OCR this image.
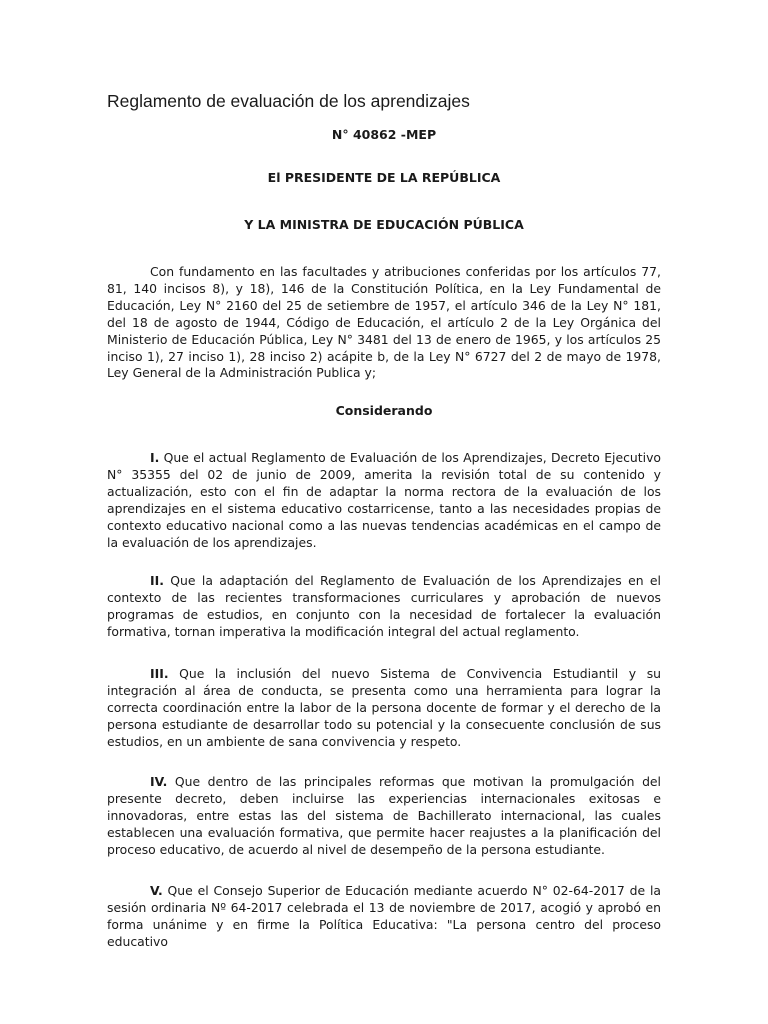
Reglamento de evaluación de los aprendizajes
N° 40862 -MEP
El PRESIDENTE DE LA REPÚBLICA
Y LA MINISTRA DE EDUCACIÓN PÚBLICA
Con fundamento en las facultades y atribuciones conferidas por los artículos 77, 81, 140 incisos 8), y 18), 146 de la Constitución Política, en la Ley Fundamental de Educación, Ley N° 2160 del 25 de setiembre de 1957, el artículo 346 de la Ley N° 181, del 18 de agosto de 1944, Código de Educación, el artículo 2 de la Ley Orgánica del Ministerio de Educación Pública, Ley N° 3481 del 13 de enero de 1965, y los artículos 25 inciso 1), 27 inciso 1), 28 inciso 2) acápite b, de la Ley N° 6727 del 2 de mayo de 1978, Ley General de la Administración Publica y;
Considerando
I. Que el actual Reglamento de Evaluación de los Aprendizajes, Decreto Ejecutivo N° 35355 del 02 de junio de 2009, amerita la revisión total de su contenido y actualización, esto con el fin de adaptar la norma rectora de la evaluación de los aprendizajes en el sistema educativo costarricense, tanto a las necesidades propias de contexto educativo nacional como a las nuevas tendencias académicas en el campo de la evaluación de los aprendizajes.
II. Que la adaptación del Reglamento de Evaluación de los Aprendizajes en el contexto de las recientes transformaciones curriculares y aprobación de nuevos programas de estudios, en conjunto con la necesidad de fortalecer la evaluación formativa, tornan imperativa la modificación integral del actual reglamento.
III. Que la inclusión del nuevo Sistema de Convivencia Estudiantil y su integración al área de conducta, se presenta como una herramienta para lograr la correcta coordinación entre la labor de la persona docente de formar y el derecho de la persona estudiante de desarrollar todo su potencial y la consecuente conclusión de sus estudios, en un ambiente de sana convivencia y respeto.
IV. Que dentro de las principales reformas que motivan la promulgación del presente decreto, deben incluirse las experiencias internacionales exitosas e innovadoras, entre estas las del sistema de Bachillerato internacional, las cuales establecen una evaluación formativa, que permite hacer reajustes a la planificación del proceso educativo, de acuerdo al nivel de desempeño de la persona estudiante.
V. Que el Consejo Superior de Educación mediante acuerdo N° 02-64-2017 de la sesión ordinaria Nº 64-2017 celebrada el 13 de noviembre de 2017, acogió y aprobó en forma unánime y en firme la Política Educativa: "La persona centro del proceso educativo
